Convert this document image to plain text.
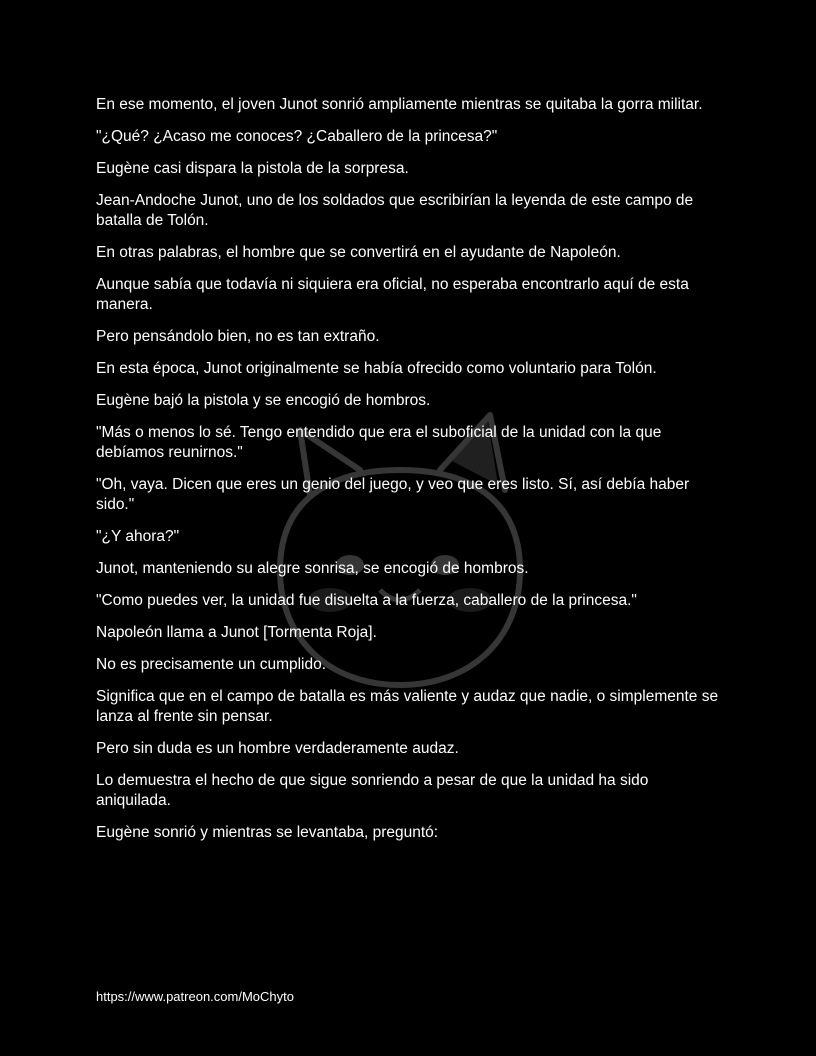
En ese momento, el joven Junot sonrió ampliamente mientras se quitaba la gorra militar.

"¿Qué? ¿Acaso me conoces? ¿Caballero de la princesa?"

Eugène casi dispara la pistola de la sorpresa.

Jean-Andoche Junot, uno de los soldados que escribirían la leyenda de este campo de batalla de Tolón.

En otras palabras, el hombre que se convertirá en el ayudante de Napoleón.

Aunque sabía que todavía ni siquiera era oficial, no esperaba encontrarlo aquí de esta manera.

Pero pensándolo bien, no es tan extraño.

En esta época, Junot originalmente se había ofrecido como voluntario para Tolón.

Eugène bajó la pistola y se encogió de hombros.

"Más o menos lo sé. Tengo entendido que era el suboficial de la unidad con la que debíamos reunirnos."

"Oh, vaya. Dicen que eres un genio del juego, y veo que eres listo. Sí, así debía haber sido."

"¿Y ahora?"

Junot, manteniendo su alegre sonrisa, se encogió de hombros.

"Como puedes ver, la unidad fue disuelta a la fuerza, caballero de la princesa."

Napoleón llama a Junot [Tormenta Roja].

No es precisamente un cumplido.

Significa que en el campo de batalla es más valiente y audaz que nadie, o simplemente se lanza al frente sin pensar.

Pero sin duda es un hombre verdaderamente audaz.

Lo demuestra el hecho de que sigue sonriendo a pesar de que la unidad ha sido aniquilada.

Eugène sonrió y mientras se levantaba, preguntó:

https://www.patreon.com/MoChyto
